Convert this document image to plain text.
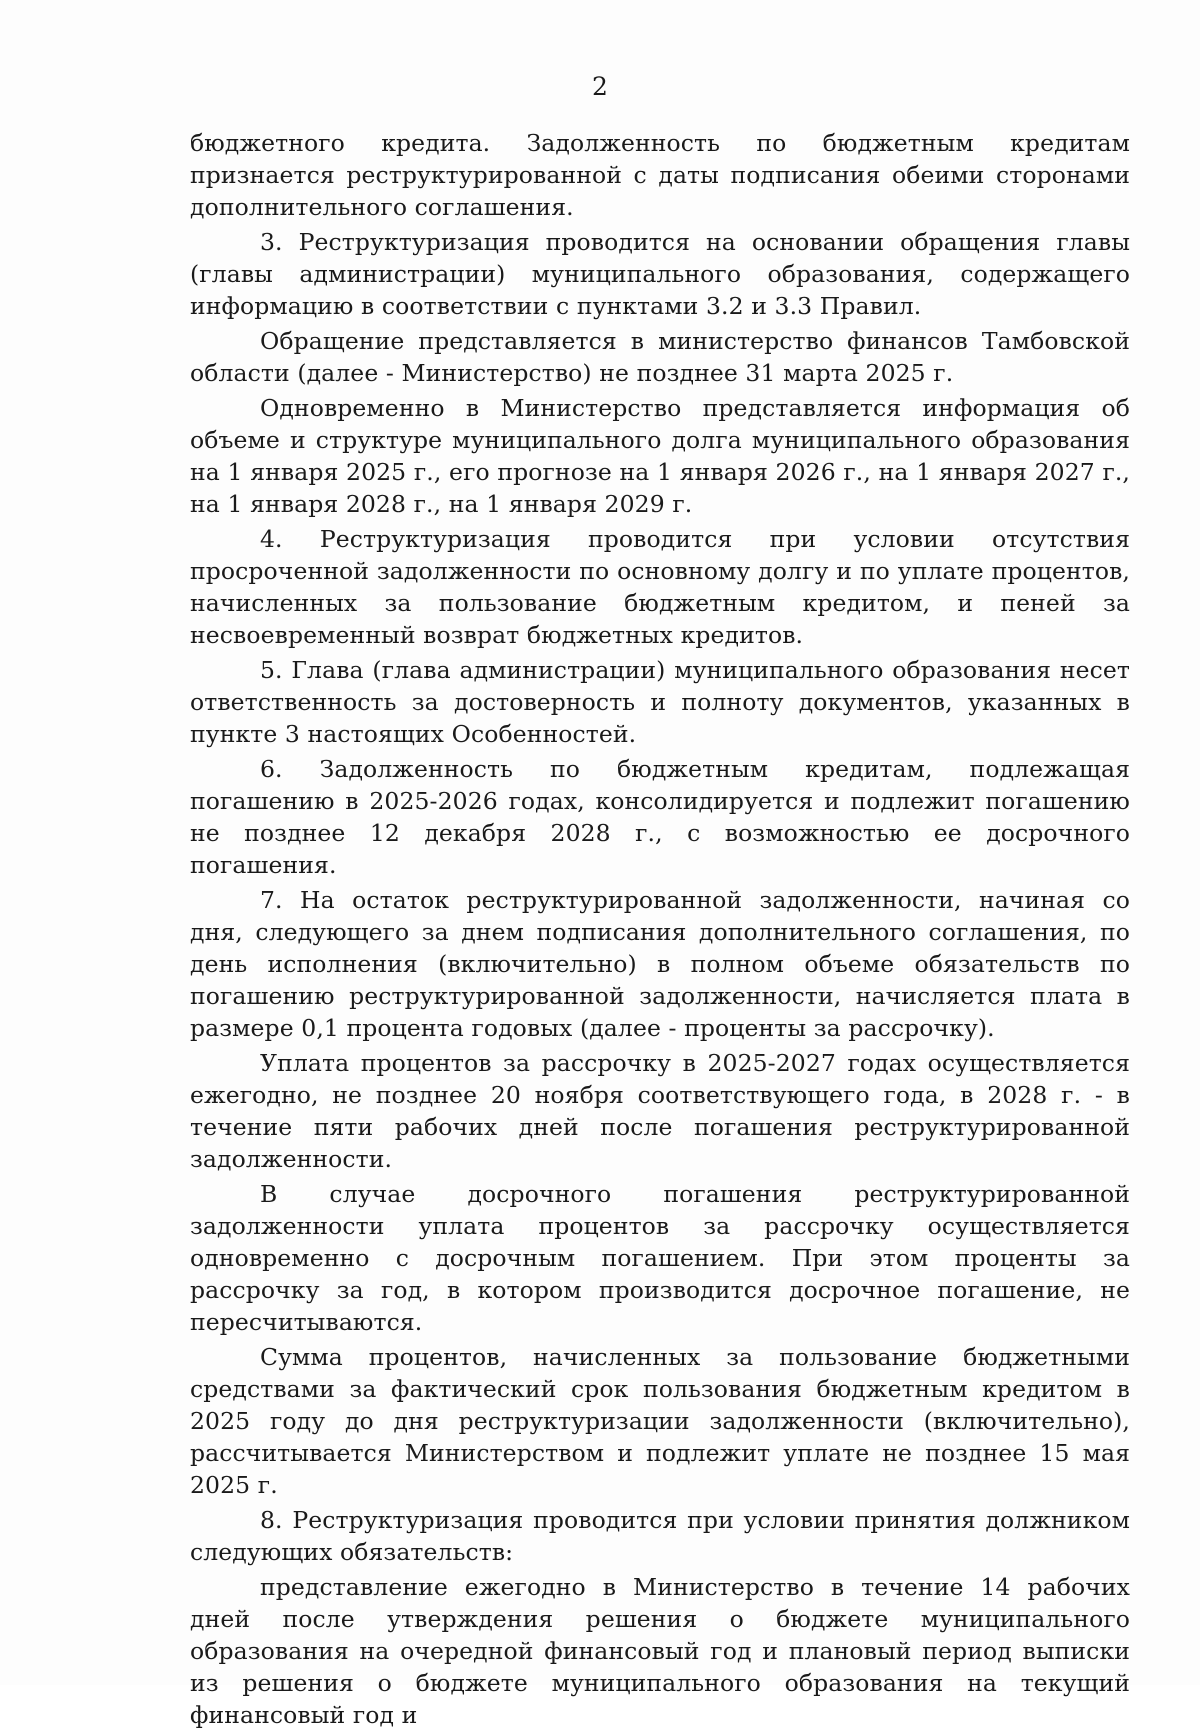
2

бюджетного кредита. Задолженность по бюджетным кредитам признается реструктурированной с даты подписания обеими сторонами дополнительного соглашения.

3. Реструктуризация проводится на основании обращения главы (главы администрации) муниципального образования, содержащего информацию в соответствии с пунктами 3.2 и 3.3 Правил.

Обращение представляется в министерство финансов Тамбовской области (далее - Министерство) не позднее 31 марта 2025 г.

Одновременно в Министерство представляется информация об объеме и структуре муниципального долга муниципального образования на 1 января 2025 г., его прогнозе на 1 января 2026 г., на 1 января 2027 г., на 1 января 2028 г., на 1 января 2029 г.

4. Реструктуризация проводится при условии отсутствия просроченной задолженности по основному долгу и по уплате процентов, начисленных за пользование бюджетным кредитом, и пеней за несвоевременный возврат бюджетных кредитов.

5. Глава (глава администрации) муниципального образования несет ответственность за достоверность и полноту документов, указанных в пункте 3 настоящих Особенностей.

6. Задолженность по бюджетным кредитам, подлежащая погашению в 2025-2026 годах, консолидируется и подлежит погашению не позднее 12 декабря 2028 г., с возможностью ее досрочного погашения.

7. На остаток реструктурированной задолженности, начиная со дня, следующего за днем подписания дополнительного соглашения, по день исполнения (включительно) в полном объеме обязательств по погашению реструктурированной задолженности, начисляется плата в размере 0,1 процента годовых (далее - проценты за рассрочку).

Уплата процентов за рассрочку в 2025-2027 годах осуществляется ежегодно, не позднее 20 ноября соответствующего года, в 2028 г. - в течение пяти рабочих дней после погашения реструктурированной задолженности.

В случае досрочного погашения реструктурированной задолженности уплата процентов за рассрочку осуществляется одновременно с досрочным погашением. При этом проценты за рассрочку за год, в котором производится досрочное погашение, не пересчитываются.

Сумма процентов, начисленных за пользование бюджетными средствами за фактический срок пользования бюджетным кредитом в 2025 году до дня реструктуризации задолженности (включительно), рассчитывается Министерством и подлежит уплате не позднее 15 мая 2025 г.

8. Реструктуризация проводится при условии принятия должником следующих обязательств:

представление ежегодно в Министерство в течение 14 рабочих дней после утверждения решения о бюджете муниципального образования на очередной финансовый год и плановый период выписки из решения о бюджете муниципального образования на текущий финансовый год и
